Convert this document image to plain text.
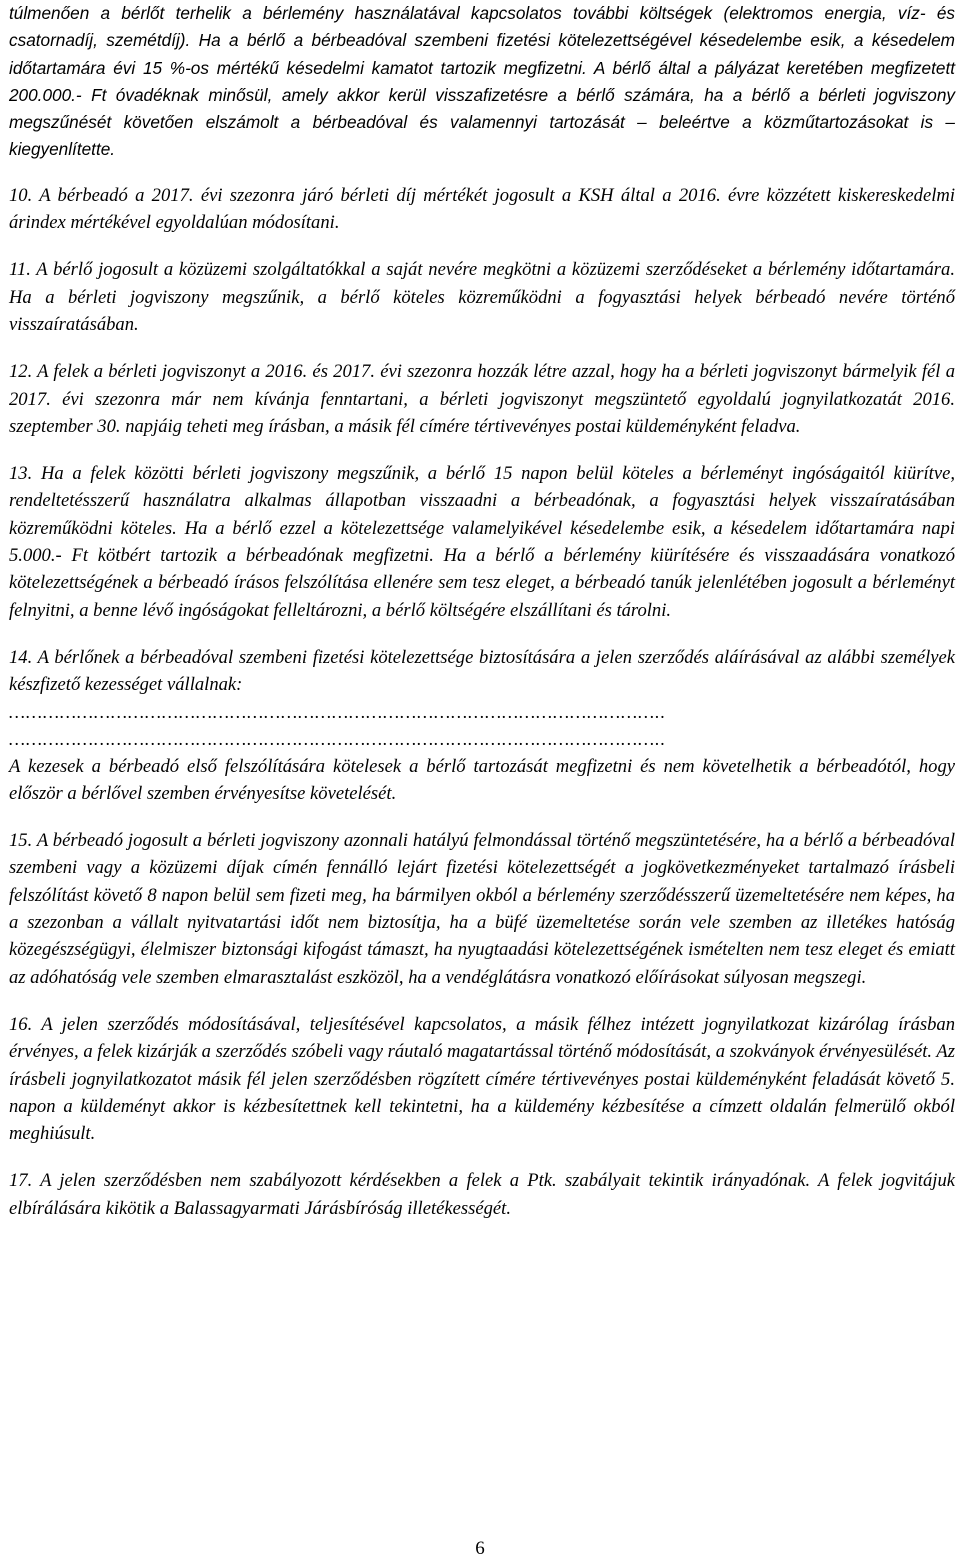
túlmenően a bérlőt terhelik a bérlemény használatával kapcsolatos további költségek (elektromos energia, víz- és csatornadíj, szemétdíj). Ha a bérlő a bérbeadóval szembeni fizetési kötelezettségével késedelembe esik, a késedelem időtartamára évi 15 %-os mértékű késedelmi kamatot tartozik megfizetni. A bérlő által a pályázat keretében megfizetett 200.000.- Ft óvadéknak minősül, amely akkor kerül visszafizetésre a bérlő számára, ha a bérlő a bérleti jogviszony megszűnését követően elszámolt a bérbeadóval és valamennyi tartozását – beleértve a közműtartozásokat is – kiegyenlítette.

10. A bérbeadó a 2017. évi szezonra járó bérleti díj mértékét jogosult a KSH által a 2016. évre közzétett kiskereskedelmi árindex mértékével egyoldalúan módosítani.

11. A bérlő jogosult a közüzemi szolgáltatókkal a saját nevére megkötni a közüzemi szerződéseket a bérlemény időtartamára. Ha a bérleti jogviszony megszűnik, a bérlő köteles közreműködni a fogyasztási helyek bérbeadó nevére történő visszaíratásában.

12. A felek a bérleti jogviszonyt a 2016. és 2017. évi szezonra hozzák létre azzal, hogy ha a bérleti jogviszonyt bármelyik fél a 2017. évi szezonra már nem kívánja fenntartani, a bérleti jogviszonyt megszüntető egyoldalú jognyilatkozatát 2016. szeptember 30. napjáig teheti meg írásban, a másik fél címére tértivevényes postai küldeményként feladva.

13. Ha a felek közötti bérleti jogviszony megszűnik, a bérlő 15 napon belül köteles a bérleményt ingóságaitól kiürítve, rendeltetésszerű használatra alkalmas állapotban visszaadni a bérbeadónak, a fogyasztási helyek visszaíratásában közreműködni köteles. Ha a bérlő ezzel a kötelezettsége valamelyikével késedelembe esik, a késedelem időtartamára napi 5.000.- Ft kötbért tartozik a bérbeadónak megfizetni. Ha a bérlő a bérlemény kiürítésére és visszaadására vonatkozó kötelezettségének a bérbeadó írásos felszólítása ellenére sem tesz eleget, a bérbeadó tanúk jelenlétében jogosult a bérleményt felnyitni, a benne lévő ingóságokat felleltározni, a bérlő költségére elszállítani és tárolni.

14. A bérlőnek a bérbeadóval szembeni fizetési kötelezettsége biztosítására a jelen szerződés aláírásával az alábbi személyek készfizető kezességet vállalnak:

……………………………………………………………………………………………………..
……………………………………………………………………………………………………..

A kezesek a bérbeadó első felszólítására kötelesek a bérlő tartozását megfizetni és nem követelhetik a bérbeadótól, hogy először a bérlővel szemben érvényesítse követelését.

15. A bérbeadó jogosult a bérleti jogviszony azonnali hatályú felmondással történő megszüntetésére, ha a bérlő a bérbeadóval szembeni vagy a közüzemi díjak címén fennálló lejárt fizetési kötelezettségét a jogkövetkezményeket tartalmazó írásbeli felszólítást követő 8 napon belül sem fizeti meg, ha bármilyen okból a bérlemény szerződésszerű üzemeltetésére nem képes, ha a szezonban a vállalt nyitvatartási időt nem biztosítja, ha a büfé üzemeltetése során vele szemben az illetékes hatóság közegészségügyi, élelmiszer biztonsági kifogást támaszt, ha nyugtaadási kötelezettségének ismételten nem tesz eleget és emiatt az adóhatóság vele szemben elmarasztalást eszközöl, ha a vendéglátásra vonatkozó előírásokat súlyosan megszegi.

16. A jelen szerződés módosításával, teljesítésével kapcsolatos, a másik félhez intézett jognyilatkozat kizárólag írásban érvényes, a felek kizárják a szerződés szóbeli vagy ráutaló magatartással történő módosítását, a szokványok érvényesülését. Az írásbeli jognyilatkozatot másik fél jelen szerződésben rögzített címére tértivevényes postai küldeményként feladását követő 5. napon a küldeményt akkor is kézbesítettnek kell tekintetni, ha a küldemény kézbesítése a címzett oldalán felmerülő okból meghiúsult.

17. A jelen szerződésben nem szabályozott kérdésekben a felek a Ptk. szabályait tekintik irányadónak. A felek jogvitájuk elbírálására kikötik a Balassagyarmati Járásbíróság illetékességét.

6
